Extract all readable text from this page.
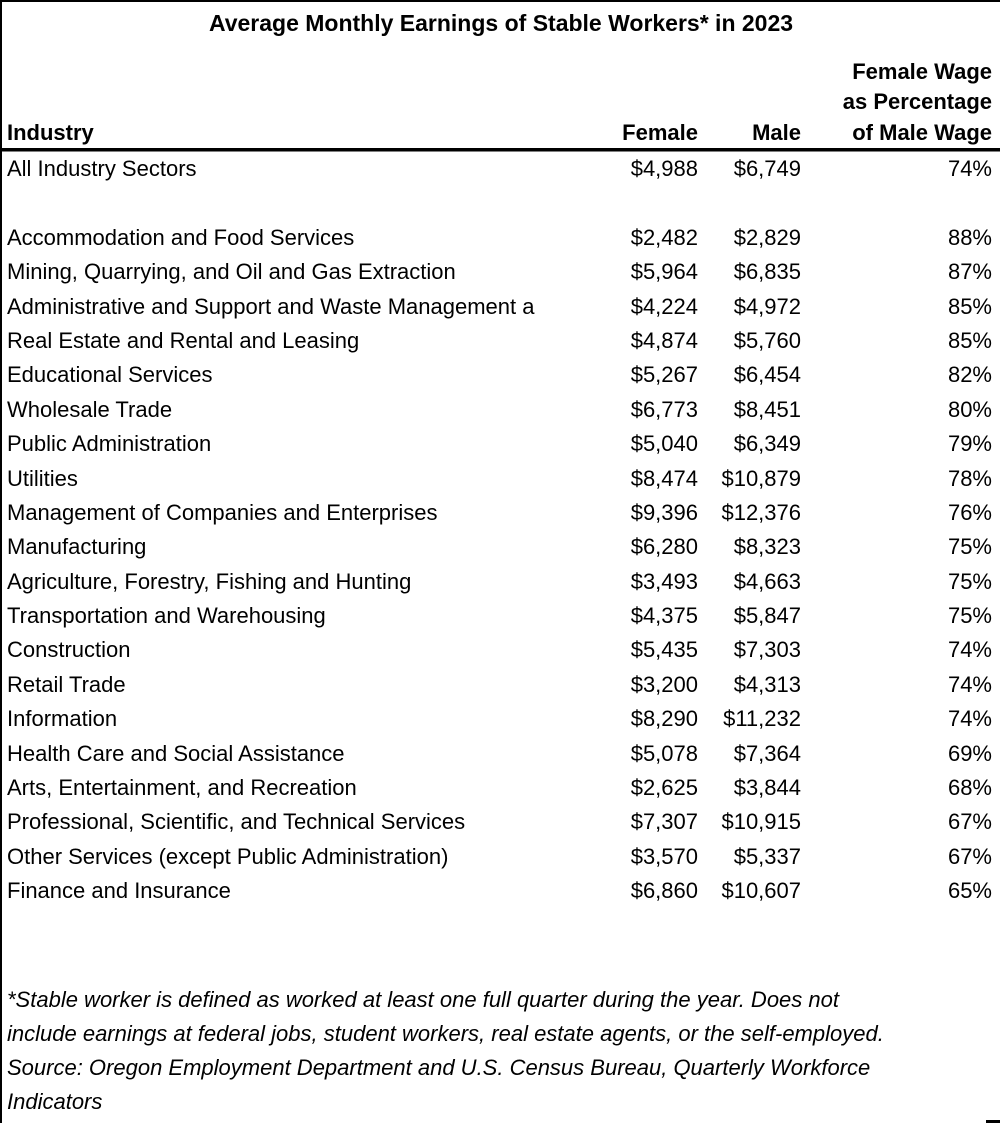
Average Monthly Earnings of Stable Workers* in 2023
Industry	Female	Male
Female Wage
as Percentage
of Male Wage
All Industry Sectors	$4,988	$6,749	74%
Accommodation and Food Services	$2,482	$2,829	88%
Mining, Quarrying, and Oil and Gas Extraction	$5,964	$6,835	87%
Administrative and Support and Waste Management a	$4,224	$4,972	85%
Real Estate and Rental and Leasing	$4,874	$5,760	85%
Educational Services	$5,267	$6,454	82%
Wholesale Trade	$6,773	$8,451	80%
Public Administration	$5,040	$6,349	79%
Utilities	$8,474	$10,879	78%
Management of Companies and Enterprises	$9,396	$12,376	76%
Manufacturing	$6,280	$8,323	75%
Agriculture, Forestry, Fishing and Hunting	$3,493	$4,663	75%
Transportation and Warehousing	$4,375	$5,847	75%
Construction	$5,435	$7,303	74%
Retail Trade	$3,200	$4,313	74%
Information	$8,290	$11,232	74%
Health Care and Social Assistance	$5,078	$7,364	69%
Arts, Entertainment, and Recreation	$2,625	$3,844	68%
Professional, Scientific, and Technical Services	$7,307	$10,915	67%
Other Services (except Public Administration)	$3,570	$5,337	67%
Finance and Insurance	$6,860	$10,607	65%
*Stable worker is defined as worked at least one full quarter during the year. Does not
include earnings at federal jobs, student workers, real estate agents, or the self-employed.
Source: Oregon Employment Department and U.S. Census Bureau, Quarterly Workforce
Indicators
